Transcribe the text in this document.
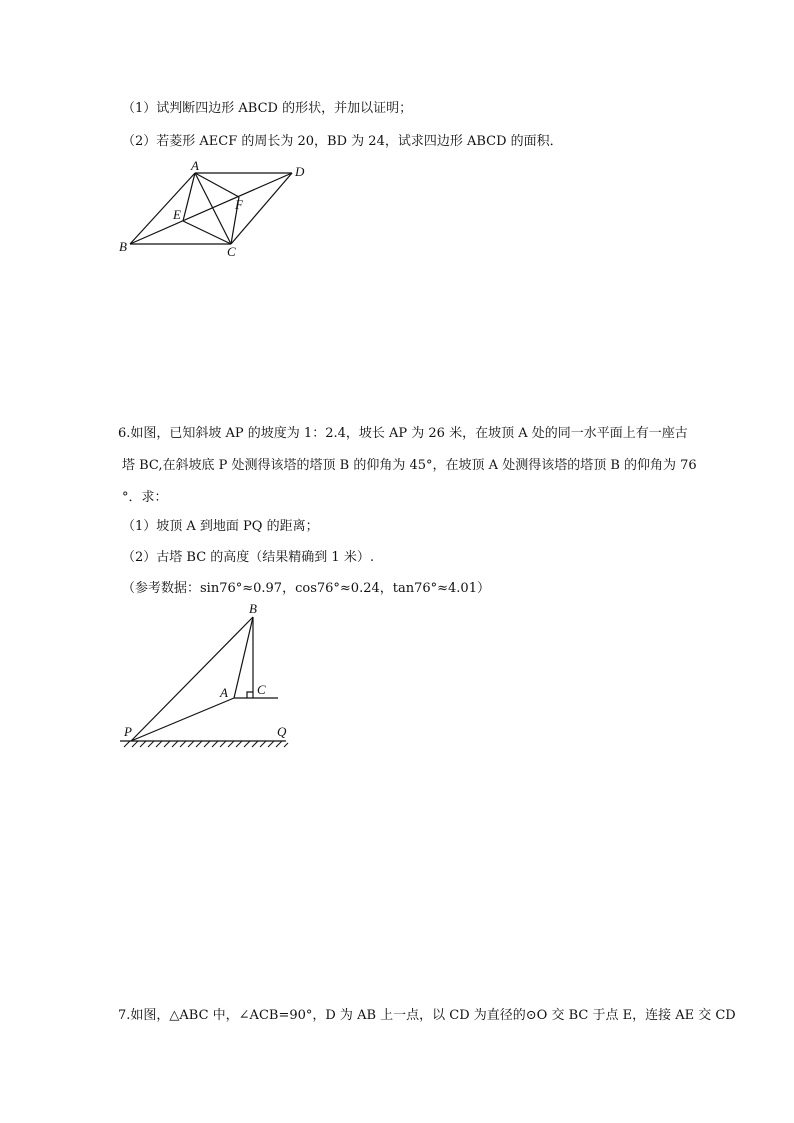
（1）试判断四边形 ABCD 的形状，并加以证明；
（2）若菱形 AECF 的周长为 20，BD 为 24，试求四边形 ABCD 的面积．
A	D
E
F
B	C
6.如图，已知斜坡 AP 的坡度为 1：2.4，坡长 AP 为 26 米，在坡顶 A 处的同一水平面上有一座古
塔 BC,在斜坡底 P 处测得该塔的塔顶 B 的仰角为 45°，在坡顶 A 处测得该塔的塔顶 B 的仰角为 76
°．求：
（1）坡顶 A 到地面 PQ 的距离；
（2）古塔 BC 的高度（结果精确到 1 米）.
（参考数据：sin76°≈0.97，cos76°≈0.24，tan76°≈4.01）
B
A C
P	Q
7.如图，△ABC 中，∠ACB=90°，D 为 AB 上一点，以 CD 为直径的⊙O 交 BC 于点 E，连接 AE 交 CD
